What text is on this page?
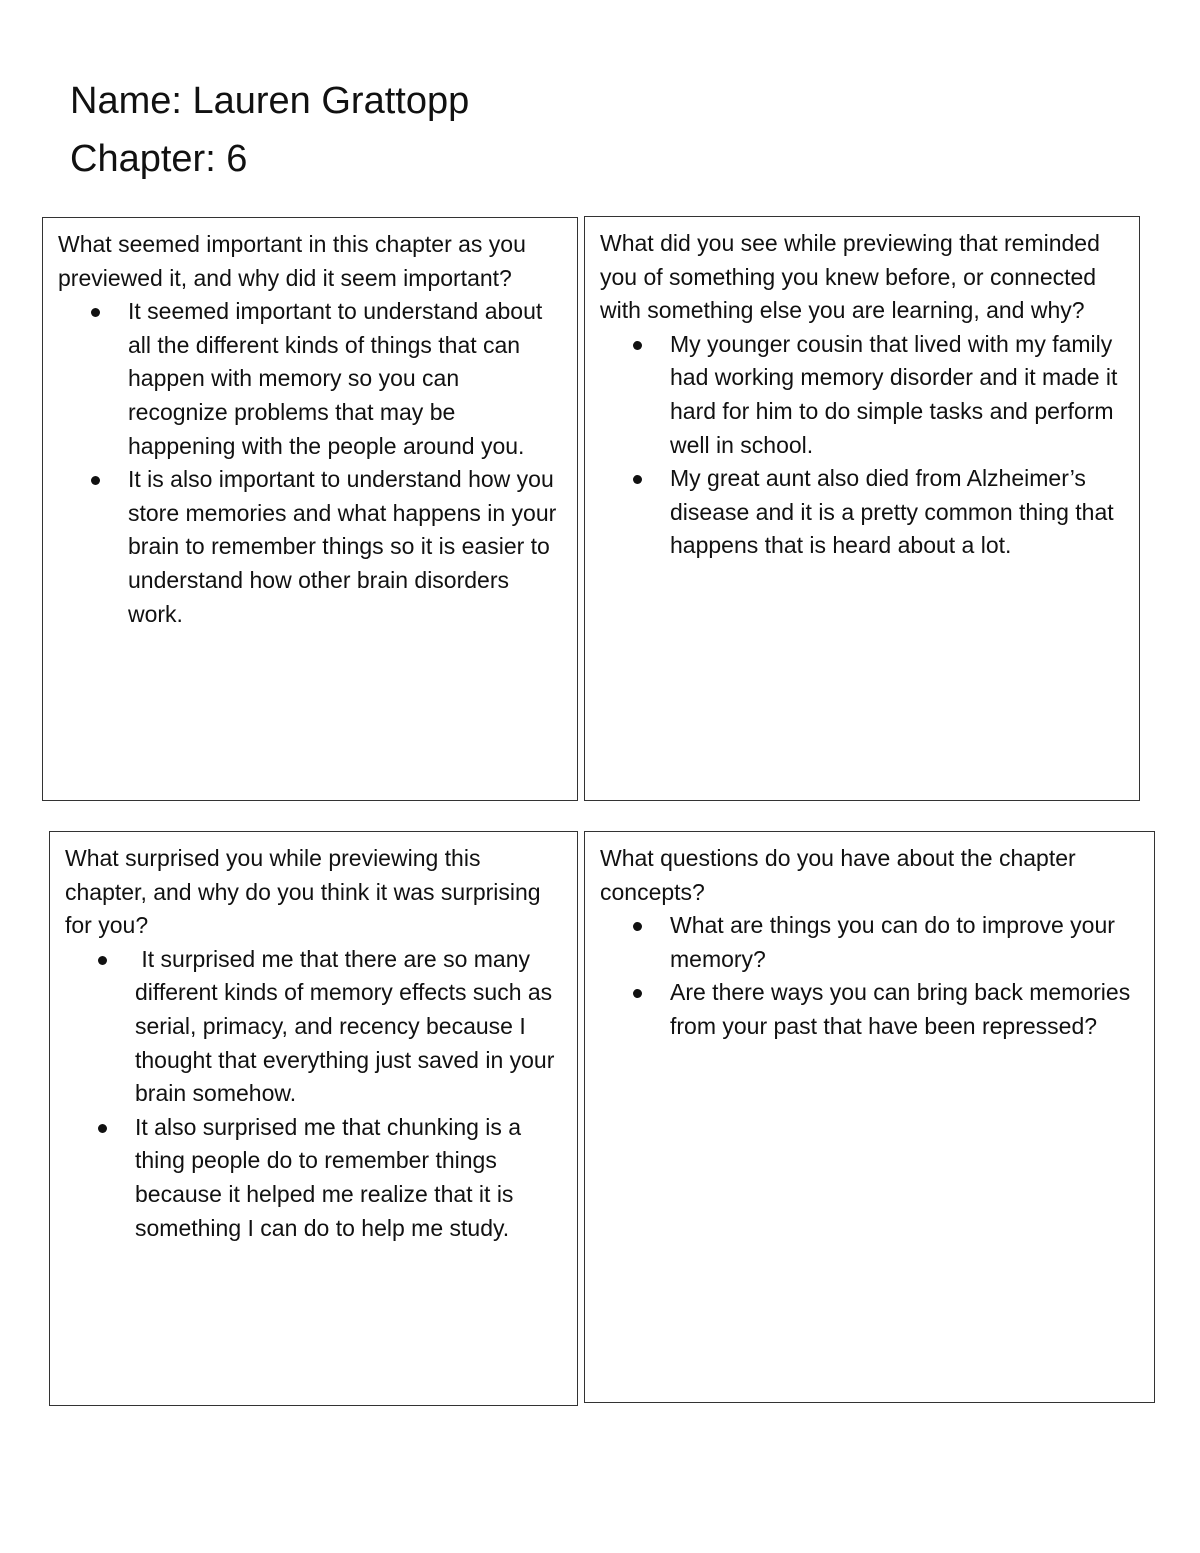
Name: Lauren Grattopp
Chapter: 6

What seemed important in this chapter as you previewed it, and why did it seem important?

It seemed important to understand about all the different kinds of things that can happen with memory so you can recognize problems that may be happening with the people around you.
It is also important to understand how you store memories and what happens in your brain to remember things so it is easier to understand how other brain disorders work.

What did you see while previewing that reminded you of something you knew before, or connected with something else you are learning, and why?

My younger cousin that lived with my family had working memory disorder and it made it hard for him to do simple tasks and perform well in school.
My great aunt also died from Alzheimer’s disease and it is a pretty common thing that happens that is heard about a lot.

What surprised you while previewing this chapter, and why do you think it was surprising for you?

It surprised me that there are so many different kinds of memory effects such as serial, primacy, and recency because I thought that everything just saved in your brain somehow.
It also surprised me that chunking is a thing people do to remember things because it helped me realize that it is something I can do to help me study.

What questions do you have about the chapter concepts?

What are things you can do to improve your memory?
Are there ways you can bring back memories from your past that have been repressed?
